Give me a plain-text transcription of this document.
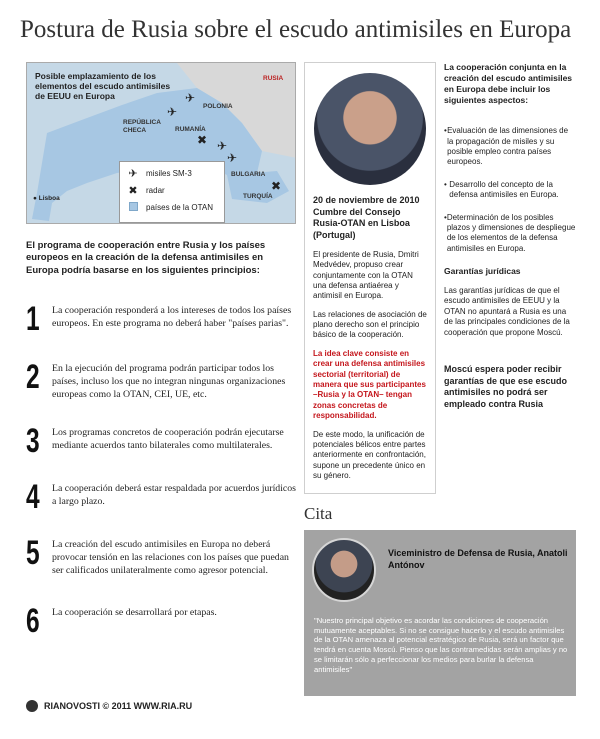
Postura de Rusia sobre el escudo antimisiles en Europa
Posible emplazamiento de los elementos del escudo antimisiles de EEUU en Europa
RUSIA
POLONIA
REPÚBLICA CHECA	RUMANÍA
BULGARIA
TURQUÍA
● Lisboa
✈
✈
✖ ✈
✈
✖
✈ misiles SM-3
✖ radar
países de la OTAN
El programa de cooperación entre Rusia y los países europeos en la creación de la defensa antimisiles en Europa podría basarse en los siguientes principios:
1	La cooperación responderá a los intereses de todos los países europeos. En este programa no deberá haber "países parias".
2	En la ejecución del programa podrán participar todos los países, incluso los que no integran ningunas organizaciones europeas como la OTAN, CEI, UE, etc.
3	Los programas concretos de cooperación podrán ejecutarse mediante acuerdos tanto bilaterales como multilaterales.
4	La cooperación deberá estar respaldada por acuerdos jurídicos a largo plazo.
5	La creación del escudo antimisiles en Europa no deberá provocar tensión en las relaciones con los países que puedan ser calificados unilateralmente como agresor potencial.
6	La cooperación se desarrollará por etapas.
RIANOVOSTI © 2011 WWW.RIA.RU
20 de noviembre de 2010 Cumbre del Consejo Rusia-OTAN en Lisboa (Portugal)
El presidente de Rusia, Dmitri Medvédev, propuso crear conjuntamente con la OTAN una defensa antiaérea y antimisil en Europa.
Las relaciones de asociación de plano derecho son el principio básico de la cooperación.
La idea clave consiste en crear una defensa antimisiles sectorial (territorial) de manera que sus participantes –Rusia y la OTAN– tengan zonas concretas de responsabilidad.
De este modo, la unificación de potenciales bélicos entre partes anteriormente en confrontación, supone un precedente único en su género.
La cooperación conjunta en la creación del escudo antimisiles en Europa debe incluir los siguientes aspectos:
• Evaluación de las dimensiones de la propagación de misiles y su posible empleo contra países europeos.
• Desarrollo del concepto de la defensa antimisiles en Europa.
• Determinación de los posibles plazos y dimensiones de despliegue de los elementos de la defensa antimisiles en Europa.
Garantías jurídicas
Las garantías jurídicas de que el escudo antimisiles de EEUU y la OTAN no apuntará a Rusia es una de las principales condiciones de la cooperación que propone Moscú.
Moscú espera poder recibir garantías de que ese escudo antimisiles no podrá ser empleado contra Rusia
Cita
Viceministro de Defensa de Rusia, Anatoli Antónov
"Nuestro principal objetivo es acordar las condiciones de cooperación mutuamente aceptables. Si no se consigue hacerlo y el escudo antimisiles de la OTAN amenaza al potencial estratégico de Rusia, será un factor que tendrá en cuenta Moscú. Pienso que las contramedidas serán amplias y no se limitarán sólo a perfeccionar los medios para burlar la defensa antimisiles"
